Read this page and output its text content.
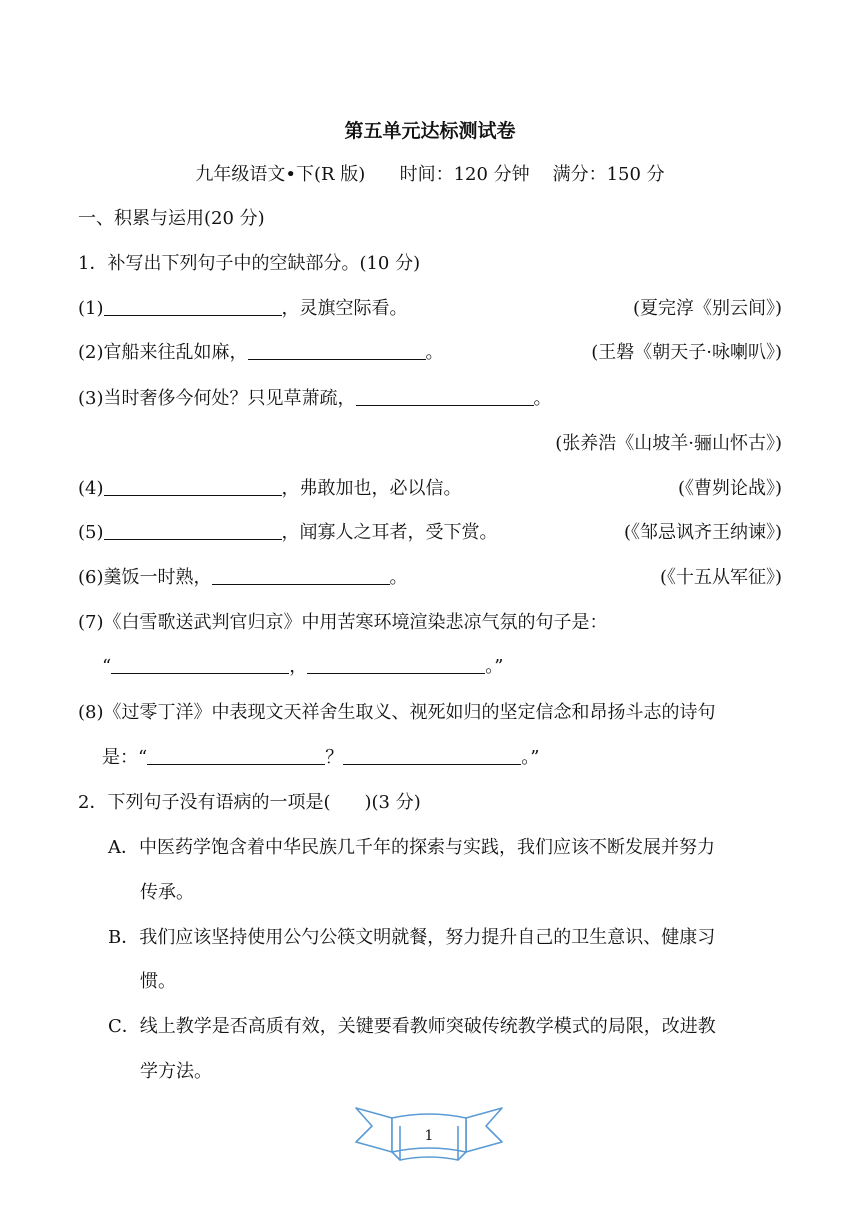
第五单元达标测试卷
九年级语文•下(R 版)      时间：120 分钟    满分：150 分
一、积累与运用(20 分)
1．补写出下列句子中的空缺部分。(10 分)
(1)	，灵旗空际看。	(夏完淳《别云间》)
(2)官船来往乱如麻，	。	(王磐《朝天子·咏喇叭》)
(3)当时奢侈今何处？只见草萧疏，	。
(张养浩《山坡羊·骊山怀古》)
(4)	，弗敢加也，必以信。	(《曹刿论战》)
(5)	，闻寡人之耳者，受下赏。	(《邹忌讽齐王纳谏》)
(6)羹饭一时熟，	。	(《十五从军征》)
(7)《白雪歌送武判官归京》中用苦寒环境渲染悲凉气氛的句子是：
“	，	。”
(8)《过零丁洋》中表现文天祥舍生取义、视死如归的坚定信念和昂扬斗志的诗句
是：“	？	。”
2．下列句子没有语病的一项是( )(3 分)
A．中医药学饱含着中华民族几千年的探索与实践，我们应该不断发展并努力
传承。
B．我们应该坚持使用公勺公筷文明就餐，努力提升自己的卫生意识、健康习
惯。
C．线上教学是否高质有效，关键要看教师突破传统教学模式的局限，改进教
学方法。
1
